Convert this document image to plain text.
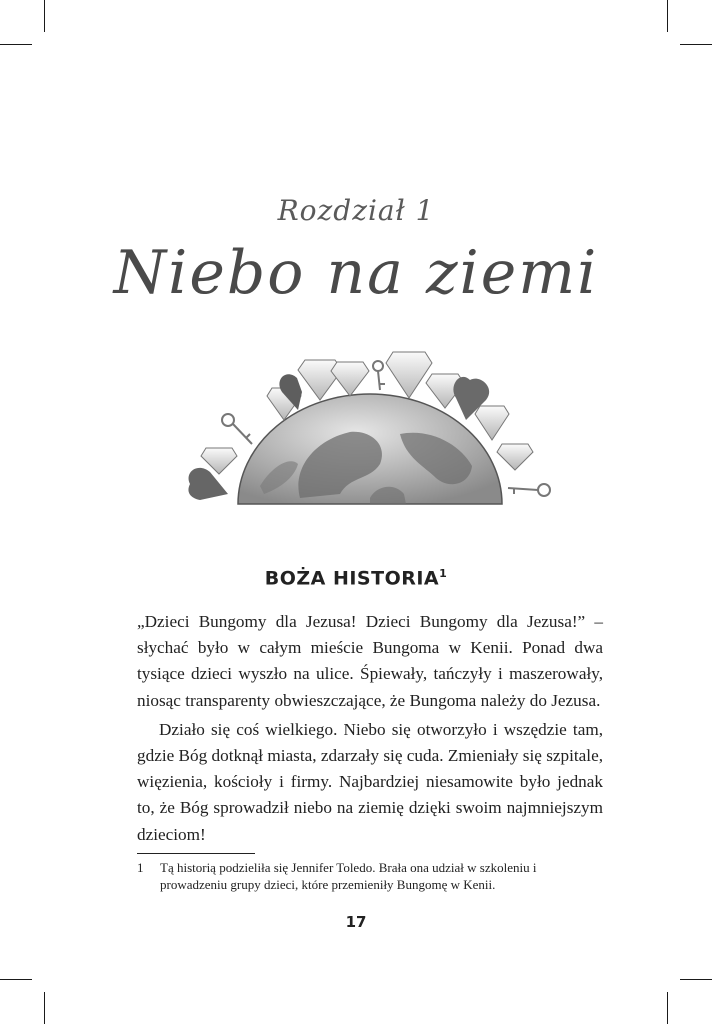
Rozdział 1
Niebo na ziemi
BOŻA HISTORIA$^1$

„Dzieci Bungomy dla Jezusa! Dzieci Bungomy dla Jezusa!” – słychać było w całym mieście Bungoma w Kenii. Ponad dwa tysiące dzieci wyszło na ulice. Śpiewały, tańczyły i maszerowały, niosąc transparenty obwieszczające, że Bungoma należy do Jezusa.

Działo się coś wielkiego. Niebo się otworzyło i wszędzie tam, gdzie Bóg dotknął miasta, zdarzały się cuda. Zmieniały się szpitale, więzienia, kościoły i firmy. Najbardziej niesamowite było jednak to, że Bóg sprowadził niebo na ziemię dzięki swoim najmniejszym dzieciom!

1 Tą historią podzieliła się Jennifer Toledo. Brała ona udział w szkoleniu i prowadzeniu grupy dzieci, które przemieniły Bungomę w Kenii.
17
